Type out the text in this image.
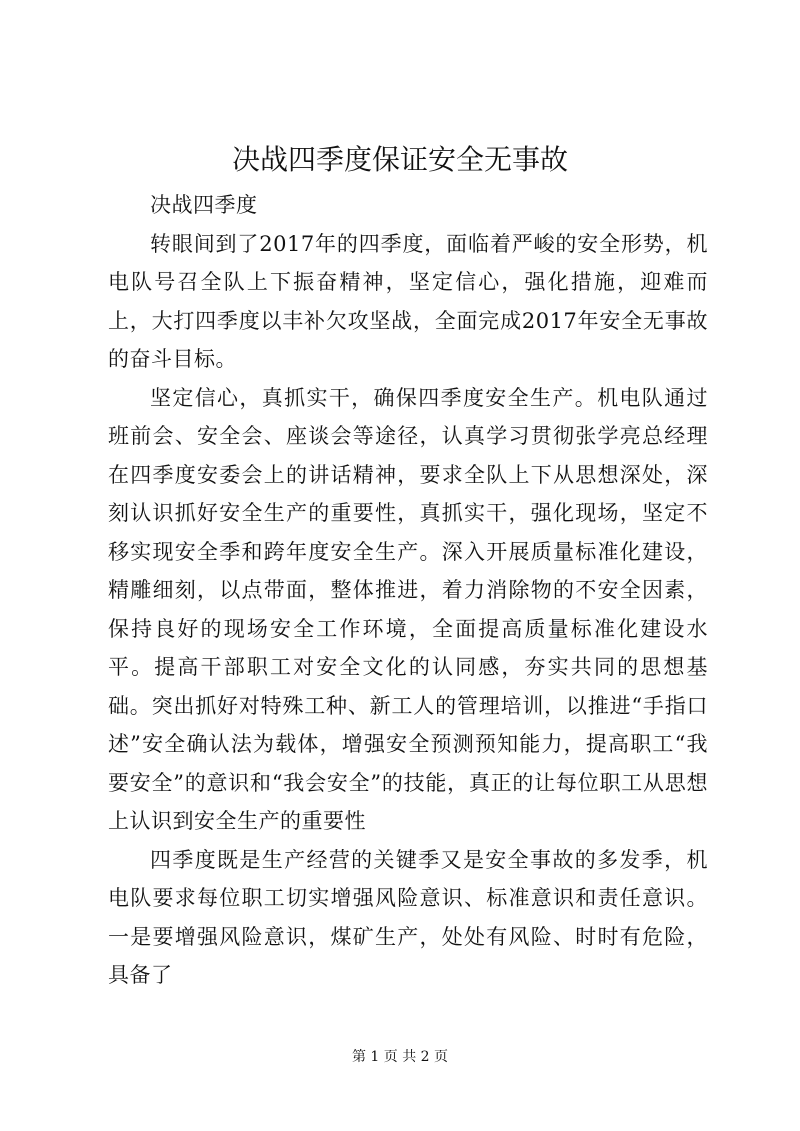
决战四季度保证安全无事故

决战四季度

转眼间到了2017年的四季度，面临着严峻的安全形势，机电队号召全队上下振奋精神，坚定信心，强化措施，迎难而上，大打四季度以丰补欠攻坚战，全面完成2017年安全无事故的奋斗目标。

坚定信心，真抓实干，确保四季度安全生产。机电队通过班前会、安全会、座谈会等途径，认真学习贯彻张学亮总经理在四季度安委会上的讲话精神，要求全队上下从思想深处，深刻认识抓好安全生产的重要性，真抓实干，强化现场，坚定不移实现安全季和跨年度安全生产。深入开展质量标准化建设，精雕细刻，以点带面，整体推进，着力消除物的不安全因素，保持良好的现场安全工作环境，全面提高质量标准化建设水平。提高干部职工对安全文化的认同感，夯实共同的思想基础。突出抓好对特殊工种、新工人的管理培训，以推进“手指口述”安全确认法为载体，增强安全预测预知能力，提高职工“我要安全”的意识和“我会安全”的技能，真正的让每位职工从思想上认识到安全生产的重要性

四季度既是生产经营的关键季又是安全事故的多发季，机电队要求每位职工切实增强风险意识、标准意识和责任意识。一是要增强风险意识，煤矿生产，处处有风险、时时有危险，具备了

第 1 页 共 2 页
